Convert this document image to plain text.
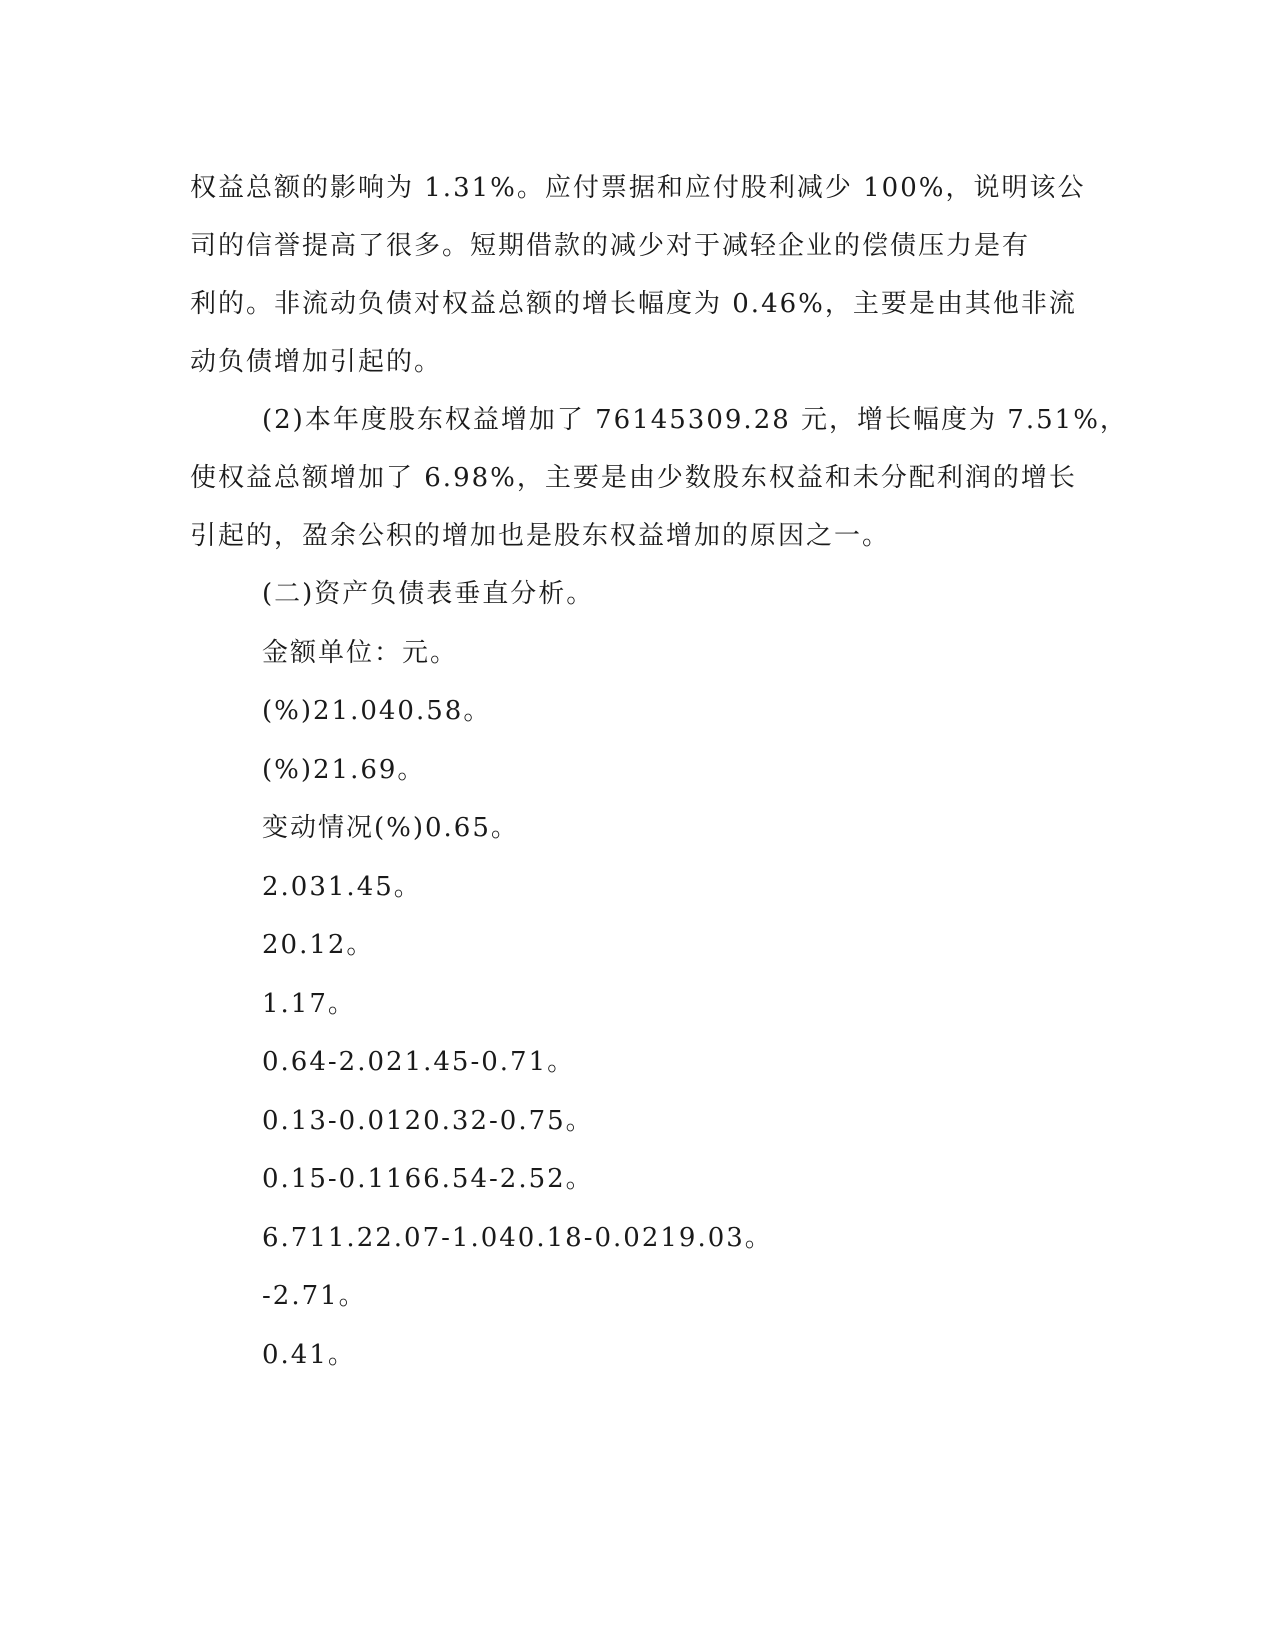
权益总额的影响为 1.31%。应付票据和应付股利减少 100%，说明该公
司的信誉提高了很多。短期借款的减少对于减轻企业的偿债压力是有
利的。非流动负债对权益总额的增长幅度为 0.46%，主要是由其他非流
动负债增加引起的。
(2)本年度股东权益增加了 76145309.28 元，增长幅度为 7.51%，
使权益总额增加了 6.98%，主要是由少数股东权益和未分配利润的增长
引起的，盈余公积的增加也是股东权益增加的原因之一。
(二)资产负债表垂直分析。
金额单位：元。
(%)21.040.58。
(%)21.69。
变动情况(%)0.65。
2.031.45。
20.12。
1.17。
0.64-2.021.45-0.71。
0.13-0.0120.32-0.75。
0.15-0.1166.54-2.52。
6.711.22.07-1.040.18-0.0219.03。
-2.71。
0.41。
